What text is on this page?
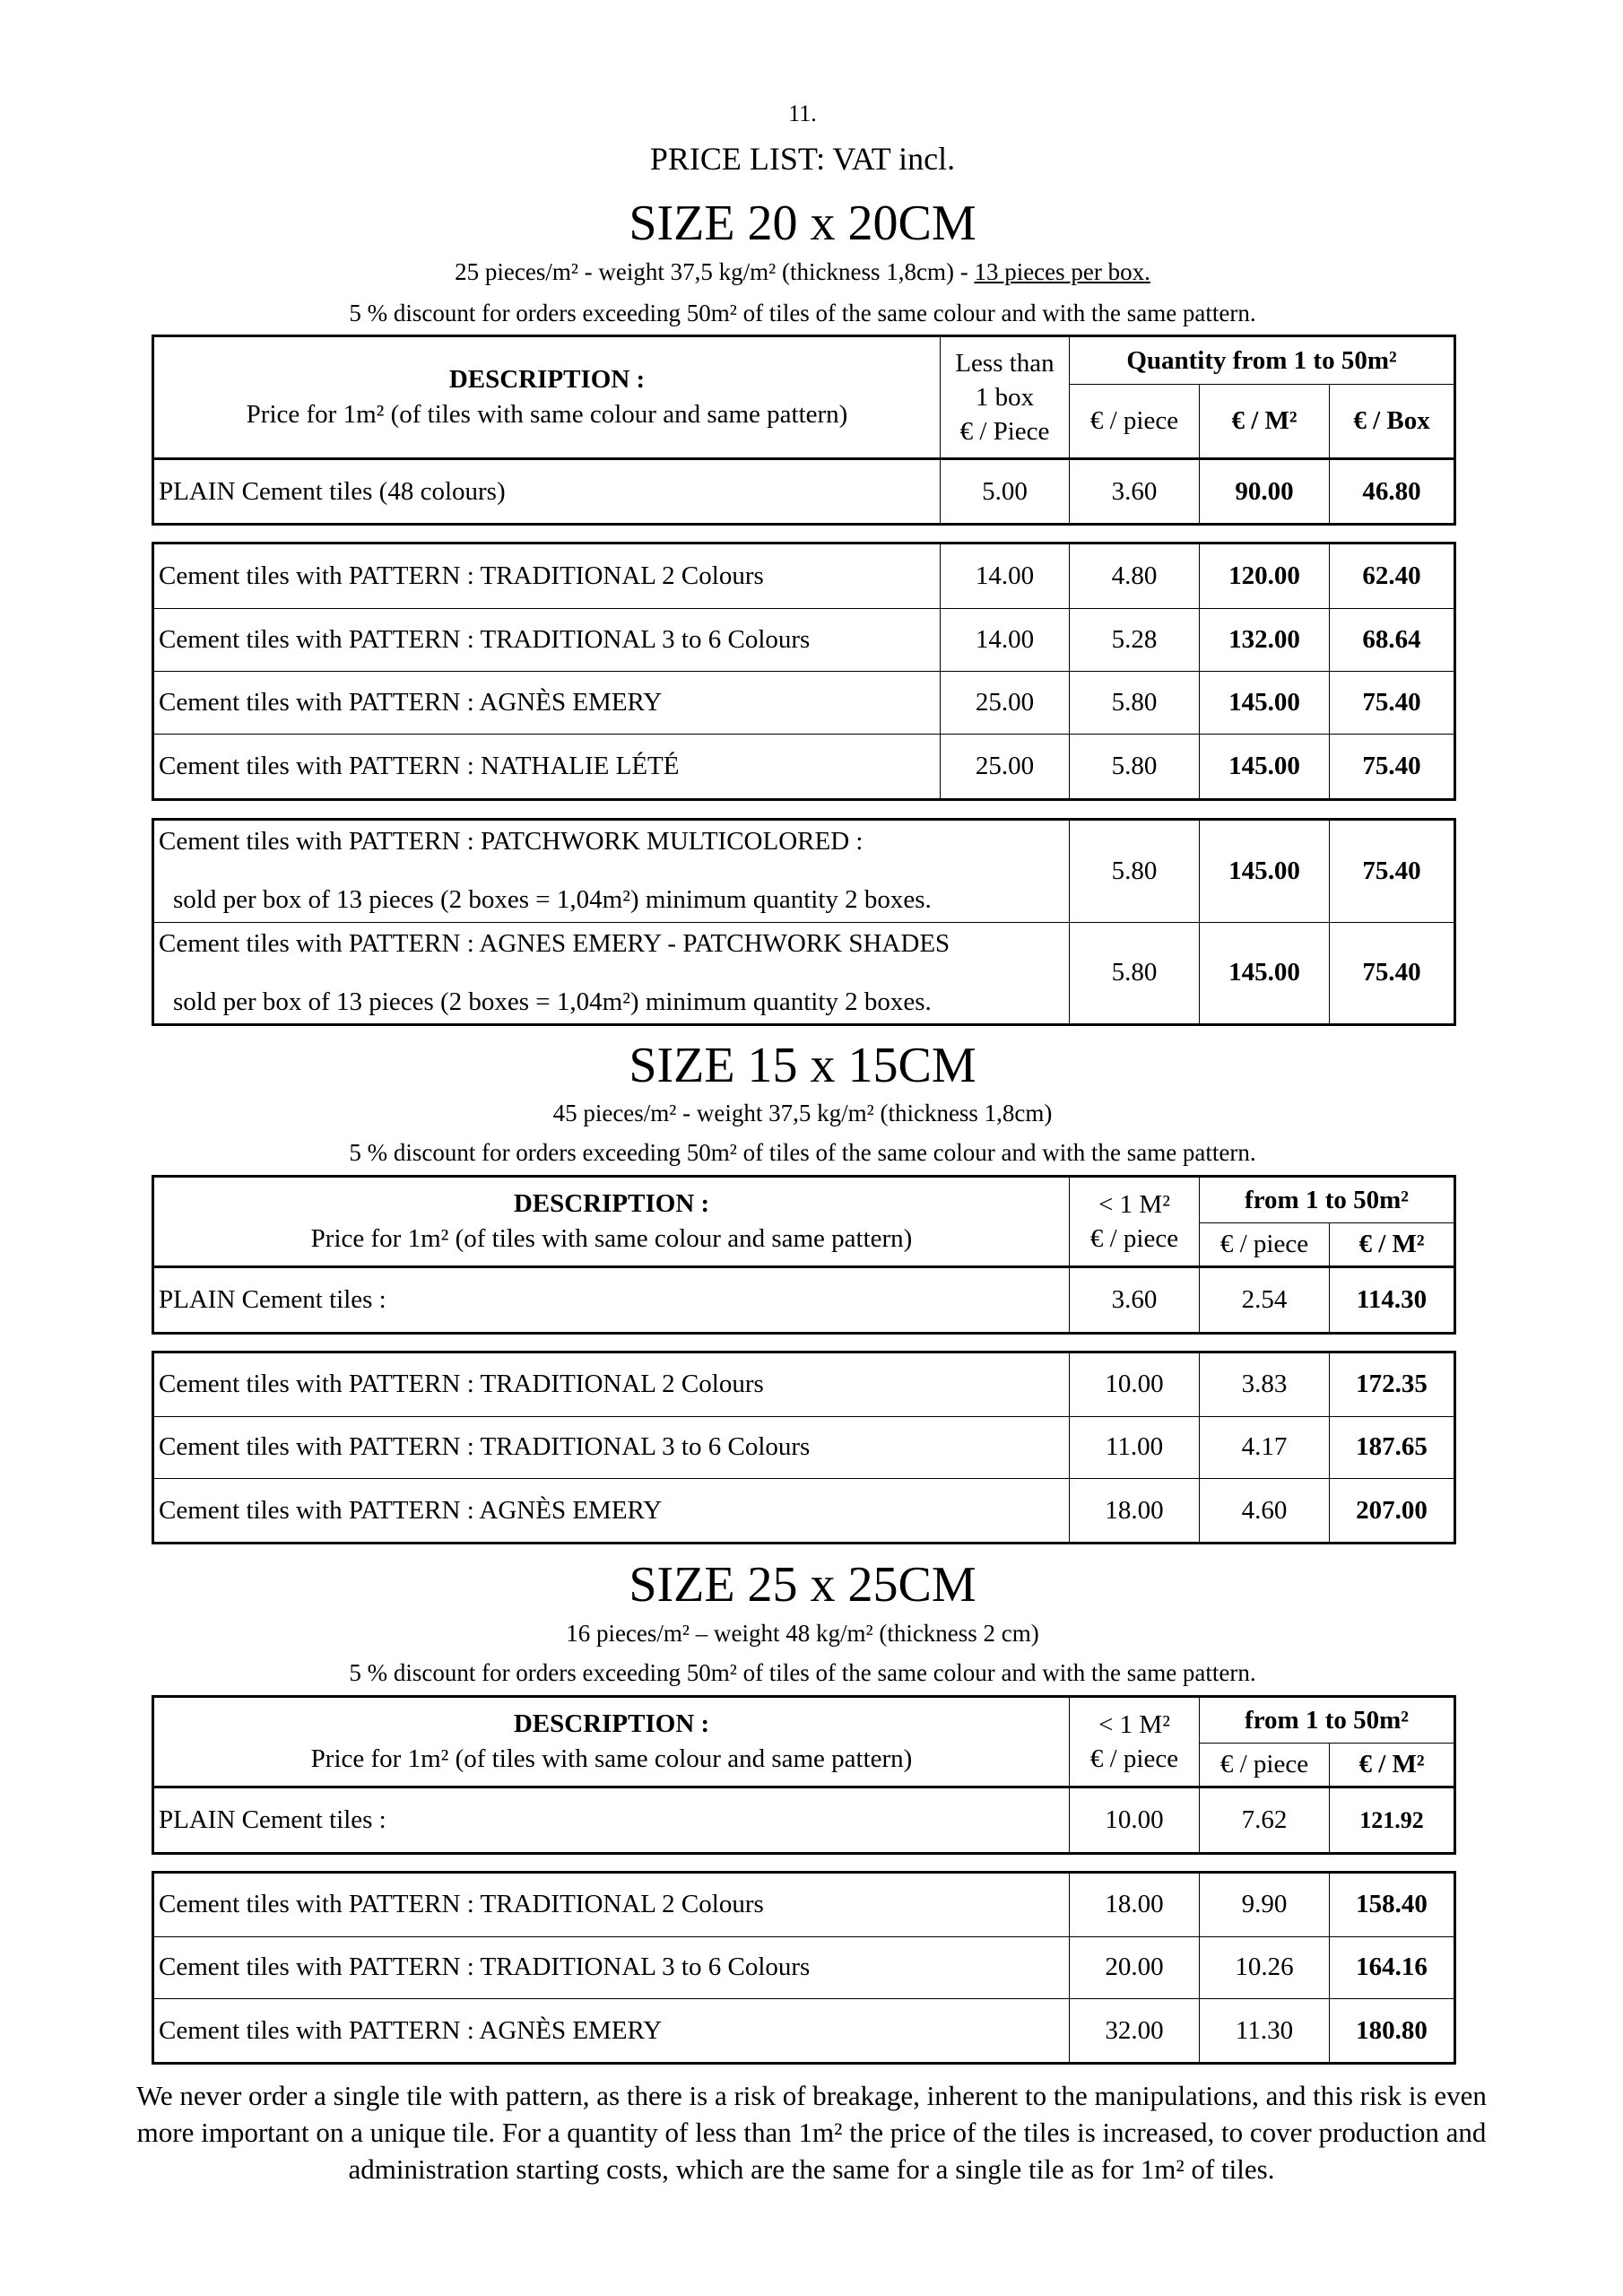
11.
PRICE LIST: VAT incl.
SIZE 20 x 20CM
25 pieces/m² - weight 37,5 kg/m² (thickness 1,8cm) - 13 pieces per box.
5 % discount for orders exceeding 50m² of tiles of the same colour and with the same pattern.
DESCRIPTION :
Price for 1m² (of tiles with same colour and same pattern)	Less than
1 box
€ / Piece	Quantity from 1 to 50m²		
		€ / piece	€ / M²	€ / Box
PLAIN Cement tiles (48 colours)	5.00	3.60	90.00	46.80
Cement tiles with PATTERN : TRADITIONAL 2 Colours	14.00	4.80	120.00	62.40
Cement tiles with PATTERN : TRADITIONAL 3 to 6 Colours	14.00	5.28	132.00	68.64
Cement tiles with PATTERN : AGNÈS EMERY	25.00	5.80	145.00	75.40
Cement tiles with PATTERN : NATHALIE LÉTÉ	25.00	5.80	145.00	75.40
Cement tiles with PATTERN : PATCHWORK MULTICOLORED :
sold per box of 13 pieces (2 boxes = 1,04m²) minimum quantity 2 boxes.	5.80	145.00	75.40
Cement tiles with PATTERN : AGNES EMERY - PATCHWORK SHADES
sold per box of 13 pieces (2 boxes = 1,04m²) minimum quantity 2 boxes.	5.80	145.00	75.40
SIZE 15 x 15CM
45 pieces/m² - weight 37,5 kg/m² (thickness 1,8cm)
5 % discount for orders exceeding 50m² of tiles of the same colour and with the same pattern.
DESCRIPTION :
Price for 1m² (of tiles with same colour and same pattern)	< 1 M²
€ / piece	from 1 to 50m²	
		€ / piece	€ / M²
PLAIN Cement tiles :	3.60	2.54	114.30
Cement tiles with PATTERN : TRADITIONAL 2 Colours	10.00	3.83	172.35
Cement tiles with PATTERN : TRADITIONAL 3 to 6 Colours	11.00	4.17	187.65
Cement tiles with PATTERN : AGNÈS EMERY	18.00	4.60	207.00
SIZE 25 x 25CM
16 pieces/m² – weight 48 kg/m² (thickness 2 cm)
5 % discount for orders exceeding 50m² of tiles of the same colour and with the same pattern.
DESCRIPTION :
Price for 1m² (of tiles with same colour and same pattern)	< 1 M²
€ / piece	from 1 to 50m²	
		€ / piece	€ / M²
PLAIN Cement tiles :	10.00	7.62	121.92
Cement tiles with PATTERN : TRADITIONAL 2 Colours	18.00	9.90	158.40
Cement tiles with PATTERN : TRADITIONAL 3 to 6 Colours	20.00	10.26	164.16
Cement tiles with PATTERN : AGNÈS EMERY	32.00	11.30	180.80
We never order a single tile with pattern, as there is a risk of breakage, inherent to the manipulations, and this risk is even more important on a unique tile. For a quantity of less than 1m² the price of the tiles is increased, to cover production and administration starting costs, which are the same for a single tile as for 1m² of tiles.
